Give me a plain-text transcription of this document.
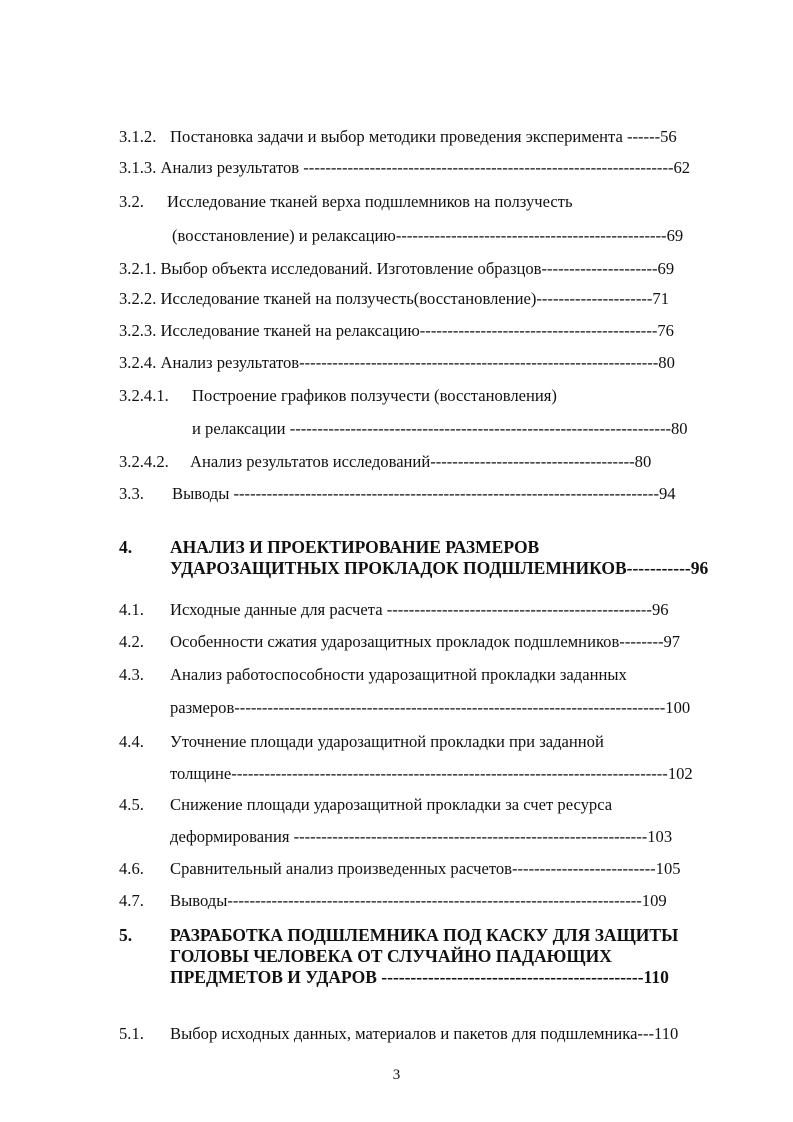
3.1.2. Постановка задачи и выбор методики проведения эксперимента ------56
3.1.3. Анализ результатов -------------------------------------------------------------------62
3.2. Исследование тканей верха подшлемников на ползучесть
(восстановление) и релаксацию-------------------------------------------------69
3.2.1. Выбор объекта исследований. Изготовление образцов---------------------69
3.2.2. Исследование тканей на ползучесть(восстановление)---------------------71
3.2.3. Исследование тканей на релаксацию-------------------------------------------76
3.2.4. Анализ результатов-----------------------------------------------------------------80
3.2.4.1. Построение графиков ползучести (восстановления)
и релаксации ---------------------------------------------------------------------80
3.2.4.2. Анализ результатов исследований-------------------------------------80
3.3. Выводы -----------------------------------------------------------------------------94
4. АНАЛИЗ И ПРОЕКТИРОВАНИЕ РАЗМЕРОВ
УДАРОЗАЩИТНЫХ ПРОКЛАДОК ПОДШЛЕМНИКОВ-----------96
4.1. Исходные данные для расчета ------------------------------------------------96
4.2. Особенности сжатия ударозащитных прокладок подшлемников--------97
4.3. Анализ работоспособности ударозащитной прокладки заданных
размеров------------------------------------------------------------------------------100
4.4. Уточнение площади ударозащитной прокладки при заданной
толщине-------------------------------------------------------------------------------102
4.5. Снижение площади ударозащитной прокладки за счет ресурса
деформирования ----------------------------------------------------------------103
4.6. Сравнительный анализ произведенных расчетов--------------------------105
4.7. Выводы---------------------------------------------------------------------------109
5. РАЗРАБОТКА ПОДШЛЕМНИКА ПОД КАСКУ ДЛЯ ЗАЩИТЫ
ГОЛОВЫ ЧЕЛОВЕКА ОТ СЛУЧАЙНО ПАДАЮЩИХ
ПРЕДМЕТОВ И УДАРОВ ---------------------------------------------110
5.1. Выбор исходных данных, материалов и пакетов для подшлемника---110
3
